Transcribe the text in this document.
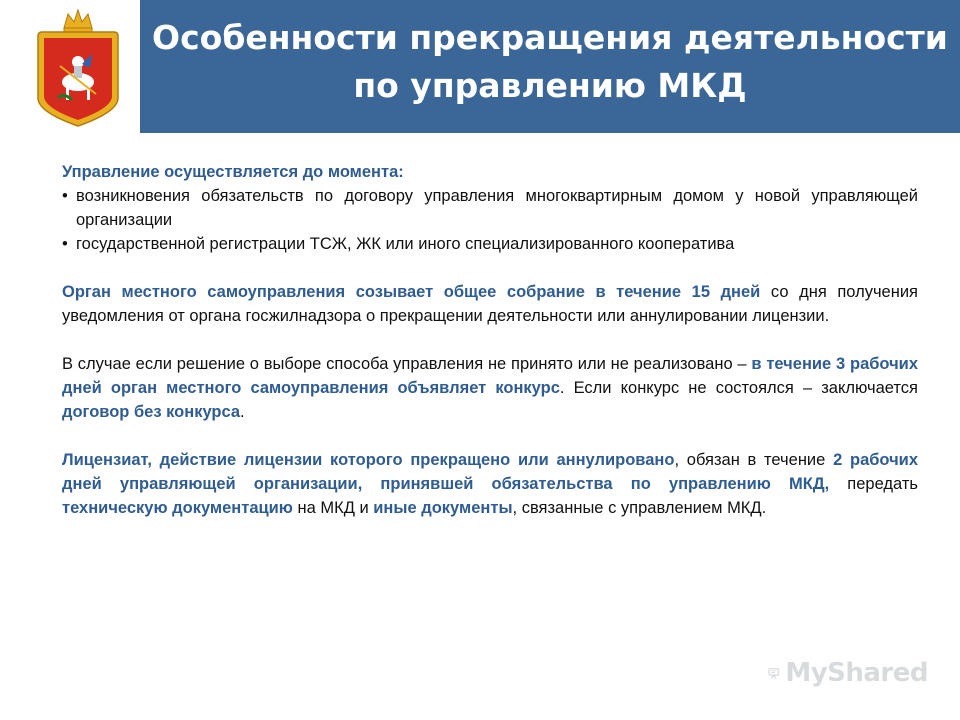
Особенности прекращения деятельности
по управлению МКД

Управление осуществляется до момента:

• возникновения обязательств по договору управления многоквартирным домом у новой управляющей организации
• государственной регистрации ТСЖ, ЖК или иного специализированного кооператива

Орган местного самоуправления созывает общее собрание в течение 15 дней со дня получения уведомления от органа госжилнадзора о прекращении деятельности или аннулировании лицензии.

В случае если решение о выборе способа управления не принято или не реализовано – в течение 3 рабочих дней орган местного самоуправления объявляет конкурс. Если конкурс не состоялся – заключается договор без конкурса.

Лицензиат, действие лицензии которого прекращено или аннулировано, обязан в течение 2 рабочих дней управляющей организации, принявшей обязательства по управлению МКД, передать техническую документацию на МКД и иные документы, связанные с управлением МКД.

MyShared
